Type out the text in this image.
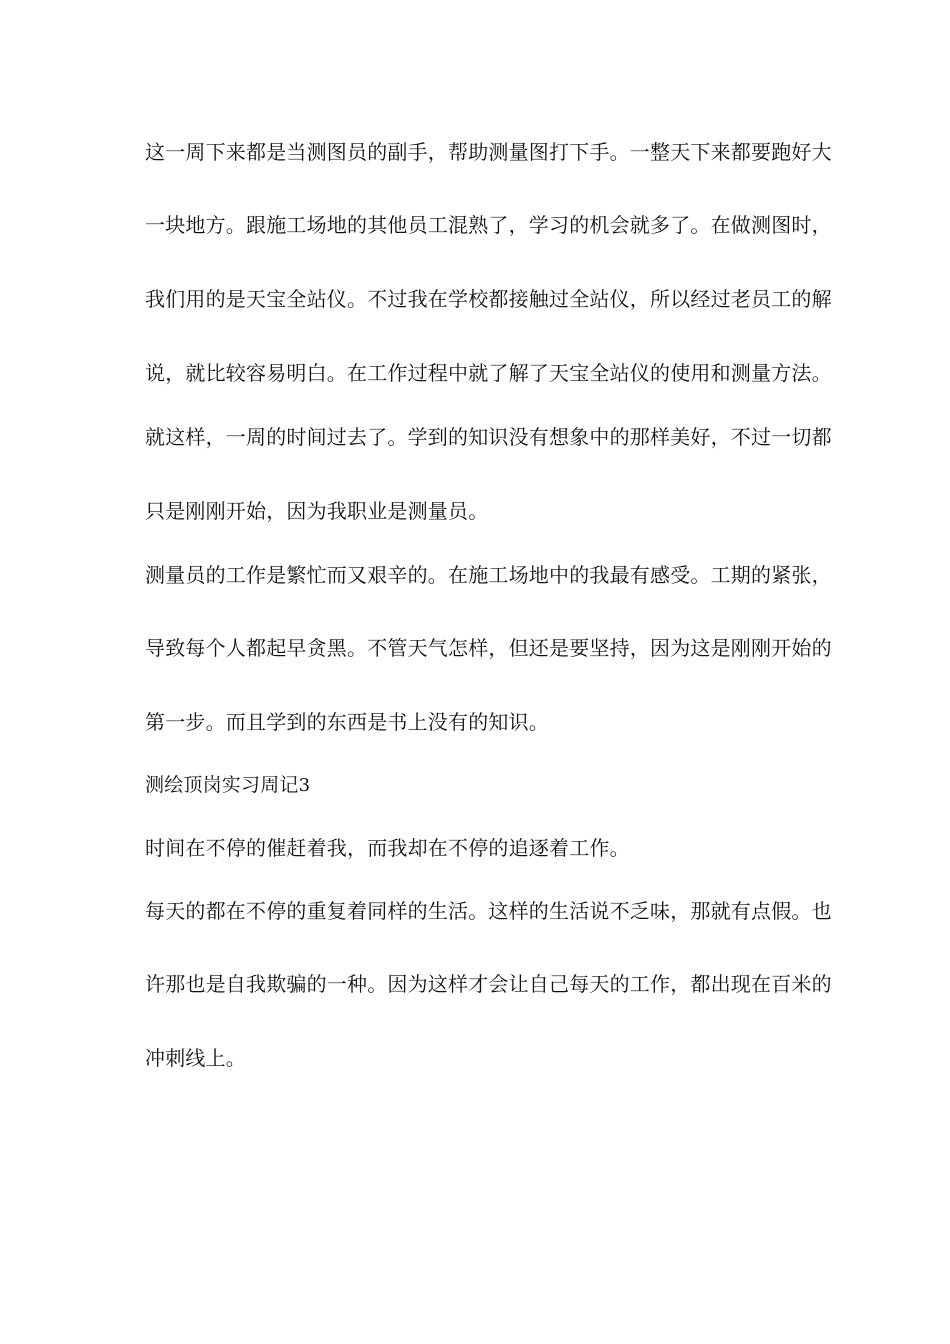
这一周下来都是当测图员的副手，帮助测量图打下手。一整天下来都要跑好大
一块地方。跟施工场地的其他员工混熟了，学习的机会就多了。在做测图时，
我们用的是天宝全站仪。不过我在学校都接触过全站仪，所以经过老员工的解
说，就比较容易明白。在工作过程中就了解了天宝全站仪的使用和测量方法。
就这样，一周的时间过去了。学到的知识没有想象中的那样美好，不过一切都
只是刚刚开始，因为我职业是测量员。
测量员的工作是繁忙而又艰辛的。在施工场地中的我最有感受。工期的紧张，
导致每个人都起早贪黑。不管天气怎样，但还是要坚持，因为这是刚刚开始的
第一步。而且学到的东西是书上没有的知识。
测绘顶岗实习周记3
时间在不停的催赶着我，而我却在不停的追逐着工作。
每天的都在不停的重复着同样的生活。这样的生活说不乏味，那就有点假。也
许那也是自我欺骗的一种。因为这样才会让自己每天的工作，都出现在百米的
冲刺线上。
